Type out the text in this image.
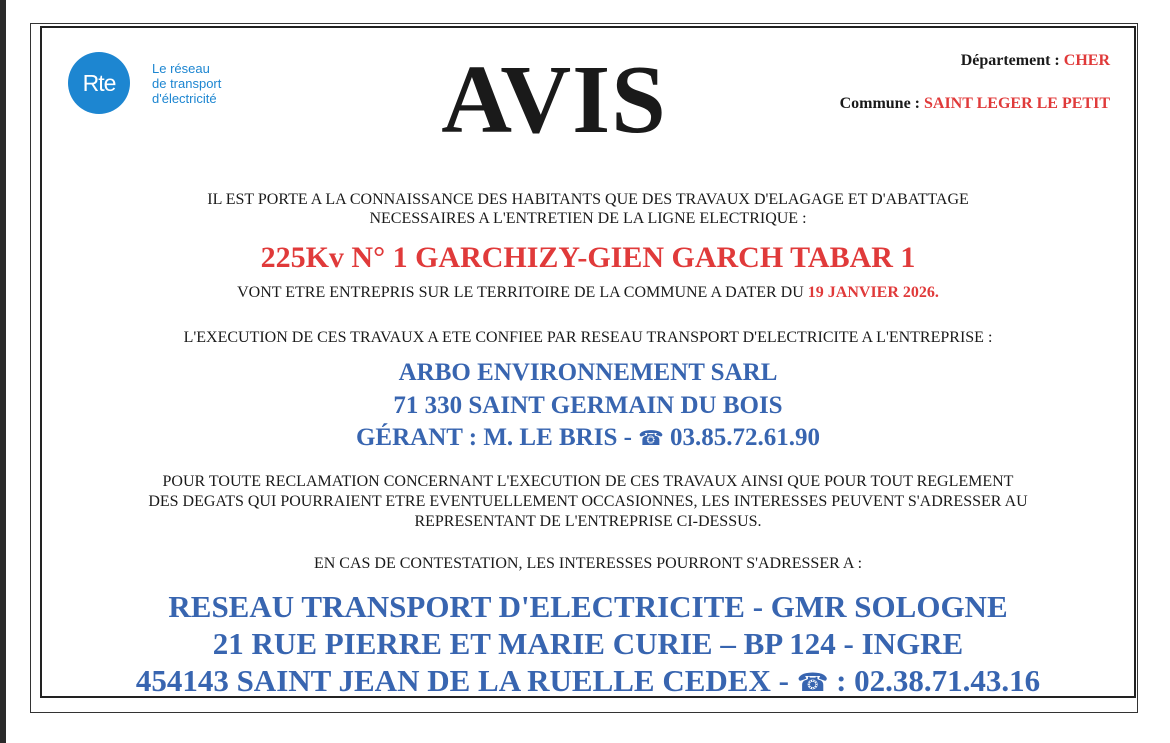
Rte
Le réseau
de transport
d'électricité AVIS	Département : CHER
Commune : SAINT LEGER LE PETIT
IL EST PORTE A LA CONNAISSANCE DES HABITANTS QUE DES TRAVAUX D'ELAGAGE ET D'ABATTAGE
NECESSAIRES A L'ENTRETIEN DE LA LIGNE ELECTRIQUE :
225Kv N° 1 GARCHIZY-GIEN GARCH TABAR 1
VONT ETRE ENTREPRIS SUR LE TERRITOIRE DE LA COMMUNE A DATER DU 19 JANVIER 2026.
L'EXECUTION DE CES TRAVAUX A ETE CONFIEE PAR RESEAU TRANSPORT D'ELECTRICITE A L'ENTREPRISE :
ARBO ENVIRONNEMENT SARL
71 330 SAINT GERMAIN DU BOIS
GÉRANT : M. LE BRIS - ☎ 03.85.72.61.90
POUR TOUTE RECLAMATION CONCERNANT L'EXECUTION DE CES TRAVAUX AINSI QUE POUR TOUT REGLEMENT
DES DEGATS QUI POURRAIENT ETRE EVENTUELLEMENT OCCASIONNES, LES INTERESSES PEUVENT S'ADRESSER AU
REPRESENTANT DE L'ENTREPRISE CI-DESSUS.
EN CAS DE CONTESTATION, LES INTERESSES POURRONT S'ADRESSER A :
RESEAU TRANSPORT D'ELECTRICITE - GMR SOLOGNE
21 RUE PIERRE ET MARIE CURIE – BP 124 - INGRE
454143 SAINT JEAN DE LA RUELLE CEDEX - ☎ : 02.38.71.43.16
